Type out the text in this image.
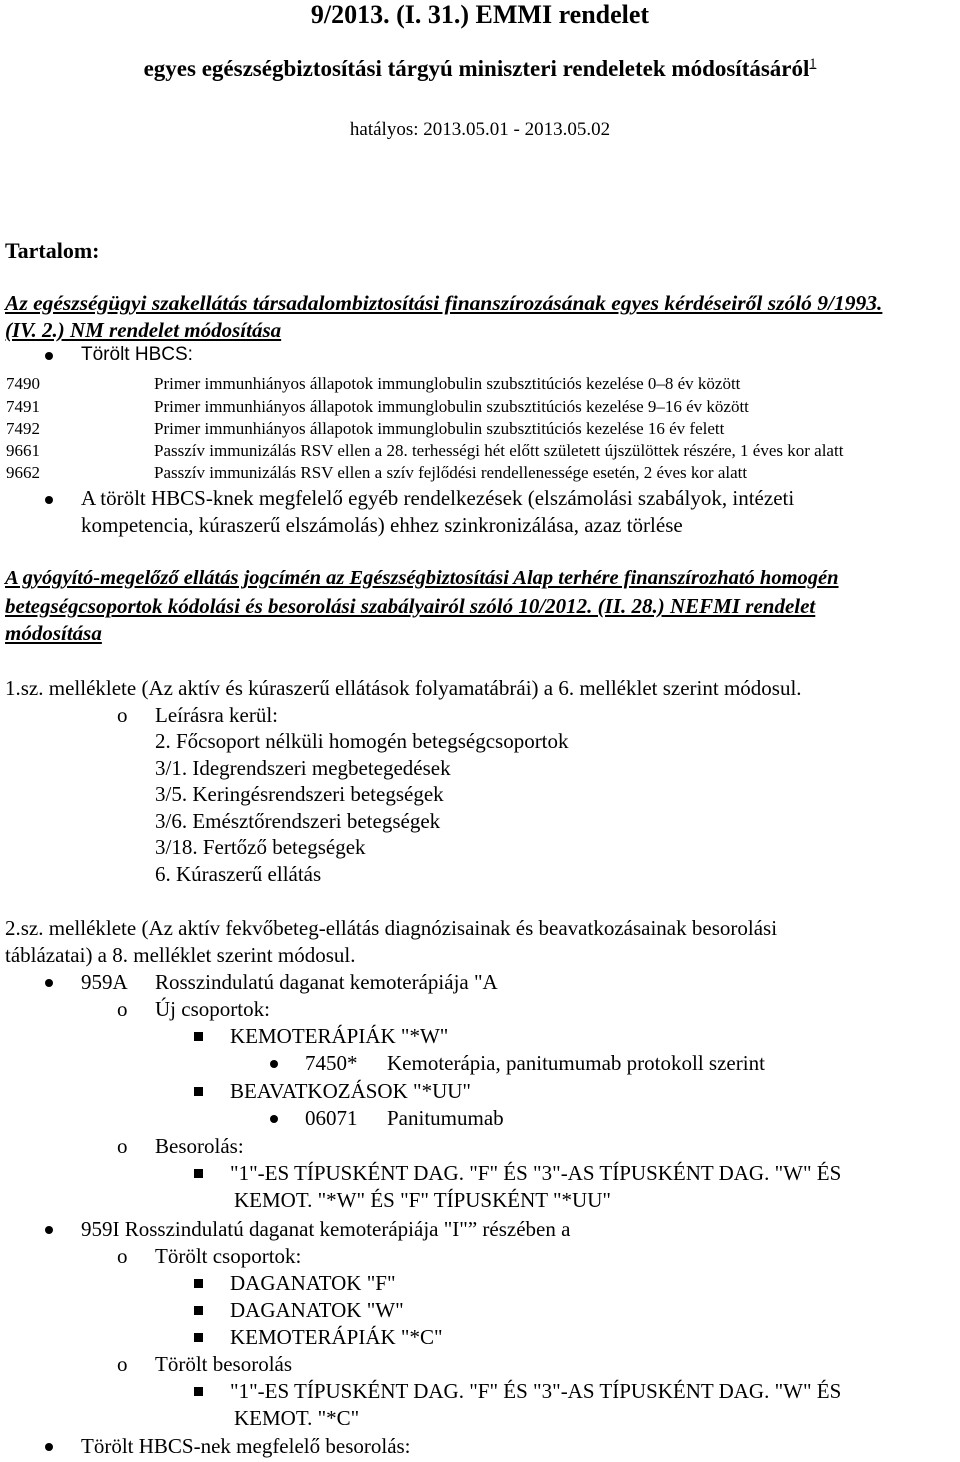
9/2013. (I. 31.) EMMI rendelet
egyes egészségbiztosítási tárgyú miniszteri rendeletek módosításáról$^1$
hatályos: 2013.05.01 - 2013.05.02
Tartalom:
Az egészségügyi szakellátás társadalombiztosítási finanszírozásának egyes kérdéseiről szóló 9/1993.
(IV. 2.) NM rendelet módosítása
Törölt HBCS:
7490	Primer immunhiányos állapotok immunglobulin szubsztitúciós kezelése 0–8 év között
7491	Primer immunhiányos állapotok immunglobulin szubsztitúciós kezelése 9–16 év között
7492	Primer immunhiányos állapotok immunglobulin szubsztitúciós kezelése 16 év felett
9661	Passzív immunizálás RSV ellen a 28. terhességi hét előtt született újszülöttek részére, 1 éves kor alatt
9662	Passzív immunizálás RSV ellen a szív fejlődési rendellenessége esetén, 2 éves kor alatt
A törölt HBCS-knek megfelelő egyéb rendelkezések (elszámolási szabályok, intézeti
kompetencia, kúraszerű elszámolás) ehhez szinkronizálása, azaz törlése
A gyógyító-megelőző ellátás jogcímén az Egészségbiztosítási Alap terhére finanszírozható homogén
betegségcsoportok kódolási és besorolási szabályairól szóló 10/2012. (II. 28.) NEFMI rendelet
módosítása
1.sz. melléklete (Az aktív és kúraszerű ellátások folyamatábrái) a 6. melléklet szerint módosul.
o Leírásra kerül:
2. Főcsoport nélküli homogén betegségcsoportok
3/1. Idegrendszeri megbetegedések
3/5. Keringésrendszeri betegségek
3/6. Emésztőrendszeri betegségek
3/18. Fertőző betegségek
6. Kúraszerű ellátás
2.sz. melléklete (Az aktív fekvőbeteg-ellátás diagnózisainak és beavatkozásainak besorolási
táblázatai) a 8. melléklet szerint módosul.
959A Rosszindulatú daganat kemoterápiája "A
o Új csoportok:
KEMOTERÁPIÁK "*W"
7450* Kemoterápia, panitumumab protokoll szerint
BEAVATKOZÁSOK "*UU"
06071 Panitumumab
o Besorolás:
"1"-ES TÍPUSKÉNT DAG. "F" ÉS "3"-AS TÍPUSKÉNT DAG. "W" ÉS
KEMOT. "*W" ÉS "F" TÍPUSKÉNT "*UU"
959I Rosszindulatú daganat kemoterápiája "I"” részében a
o Törölt csoportok:
DAGANATOK "F"
DAGANATOK "W"
KEMOTERÁPIÁK "*C"
o Törölt besorolás
"1"-ES TÍPUSKÉNT DAG. "F" ÉS "3"-AS TÍPUSKÉNT DAG. "W" ÉS
KEMOT. "*C"
Törölt HBCS-nek megfelelő besorolás:
